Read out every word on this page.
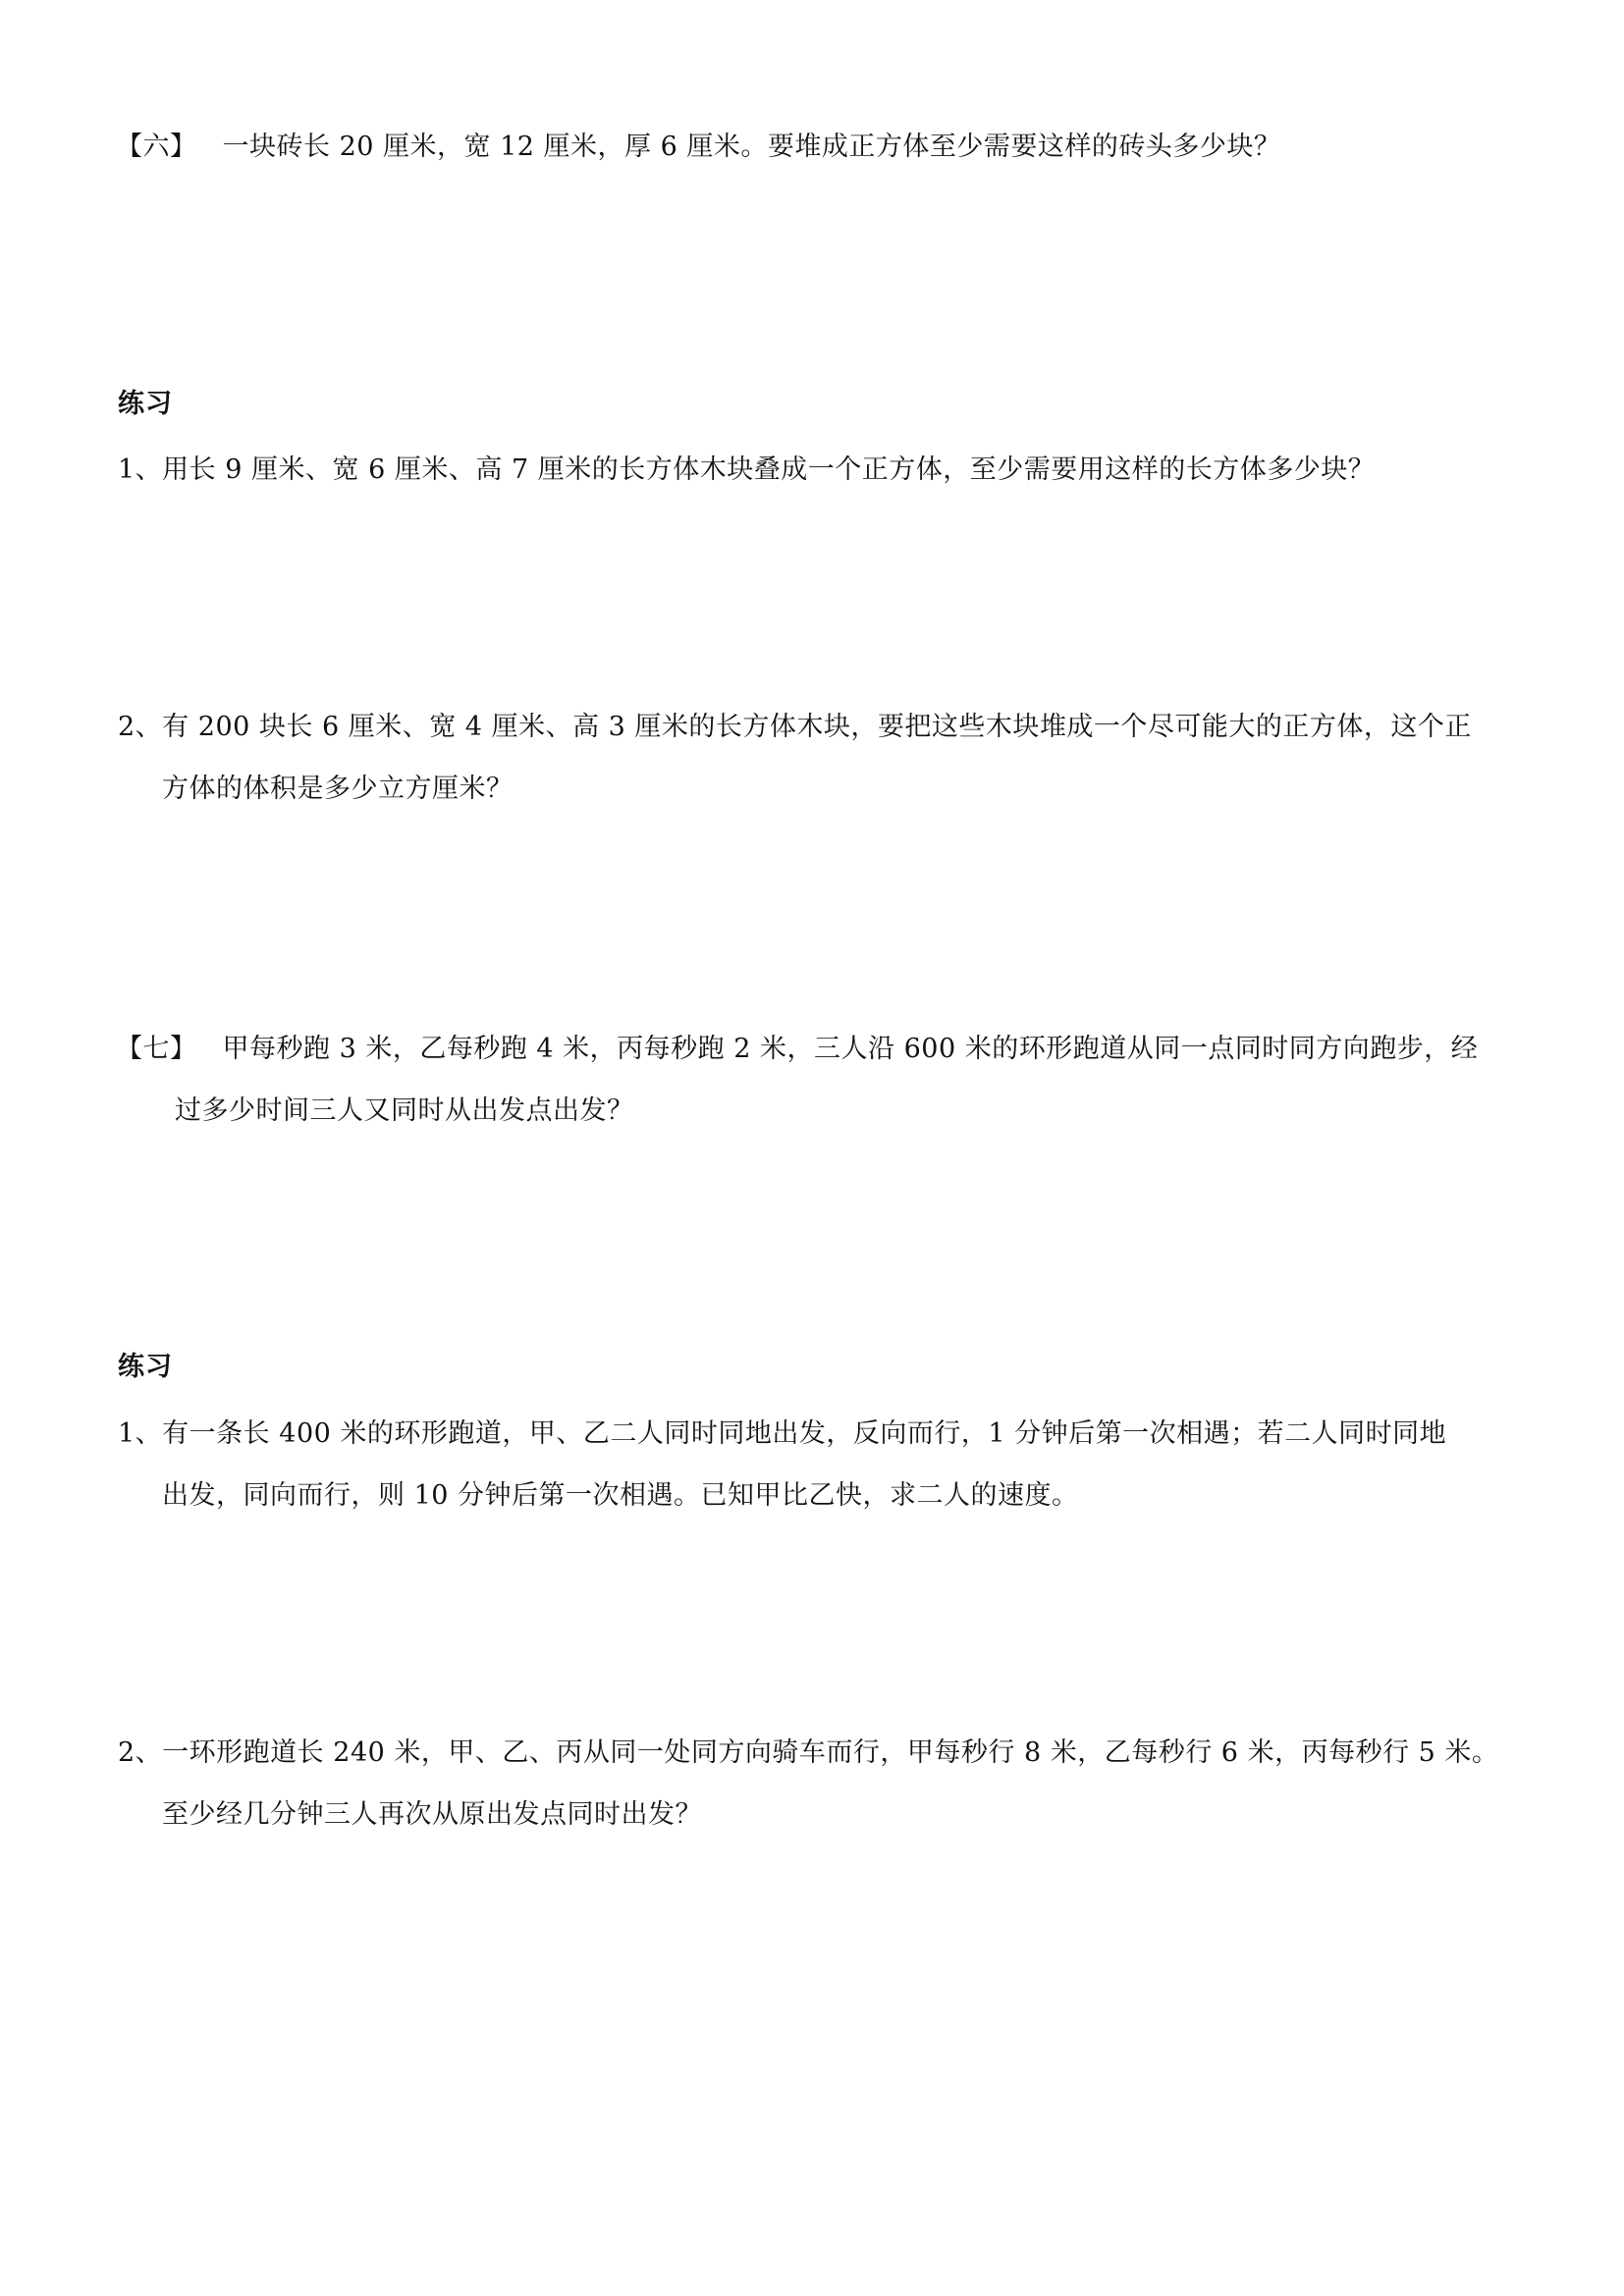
【六】 一块砖长 20 厘米，宽 12 厘米，厚 6 厘米。要堆成正方体至少需要这样的砖头多少块？
练习
1、用长 9 厘米、宽 6 厘米、高 7 厘米的长方体木块叠成一个正方体，至少需要用这样的长方体多少块？
2、有 200 块长 6 厘米、宽 4 厘米、高 3 厘米的长方体木块，要把这些木块堆成一个尽可能大的正方体，这个正
方体的体积是多少立方厘米？
【七】 甲每秒跑 3 米，乙每秒跑 4 米，丙每秒跑 2 米，三人沿 600 米的环形跑道从同一点同时同方向跑步，经
过多少时间三人又同时从出发点出发？
练习
1、有一条长 400 米的环形跑道，甲、乙二人同时同地出发，反向而行，1 分钟后第一次相遇；若二人同时同地
出发，同向而行，则 10 分钟后第一次相遇。已知甲比乙快，求二人的速度。
2、一环形跑道长 240 米，甲、乙、丙从同一处同方向骑车而行，甲每秒行 8 米，乙每秒行 6 米，丙每秒行 5 米。
至少经几分钟三人再次从原出发点同时出发？
